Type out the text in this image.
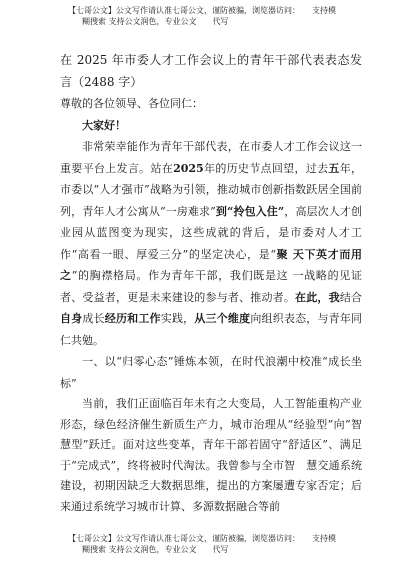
【七哥公文】公文写作请认准七哥公文，谨防被骗，浏览器访问：　　支持模
糊搜索 支持公文润色，专业公文　　代写

在 2025 年市委人才工作会议上的青年干部代表表态发言（2488 字）

尊敬的各位领导、各位同仁：

大家好！

非常荣幸能作为青年干部代表，在市委人才工作会议这一重要平台上发言。站在2025年的历史节点回望，过去五年，市委以“人才强市”战略为引领，推动城市创新指数跃居全国前列，青年人才公寓从“一房难求”到“拎包入住”，高层次人才创业园从蓝图变为现实，这些成就的背后，是市委对人才工作“高看一眼、厚爱三分”的坚定决心，是“聚 天下英才而用之”的胸襟格局。作为青年干部，我们既是这 一战略的见证者、受益者，更是未来建设的参与者、推动者。在此，我结合自身成长经历和工作实践，从三个维度向组织表态，与青年同仁共勉。

一、以“归零心态”锤炼本领，在时代浪潮中校准“成长坐标”

当前，我们正面临百年未有之大变局，人工智能重构产业形态，绿色经济催生新质生产力，城市治理从“经验型”向“智慧型”跃迁。面对这些变革，青年干部若固守“舒适区”、满足于“完成式”，终将被时代淘汰。我曾参与全市智　慧交通系统建设，初期因缺乏大数据思维，提出的方案屡遭专家否定；后来通过系统学习城市计算、多源数据融合等前

【七哥公文】公文写作请认准七哥公文，谨防被骗，浏览器访问：　　支持模
糊搜索 支持公文润色，专业公文　　代写
